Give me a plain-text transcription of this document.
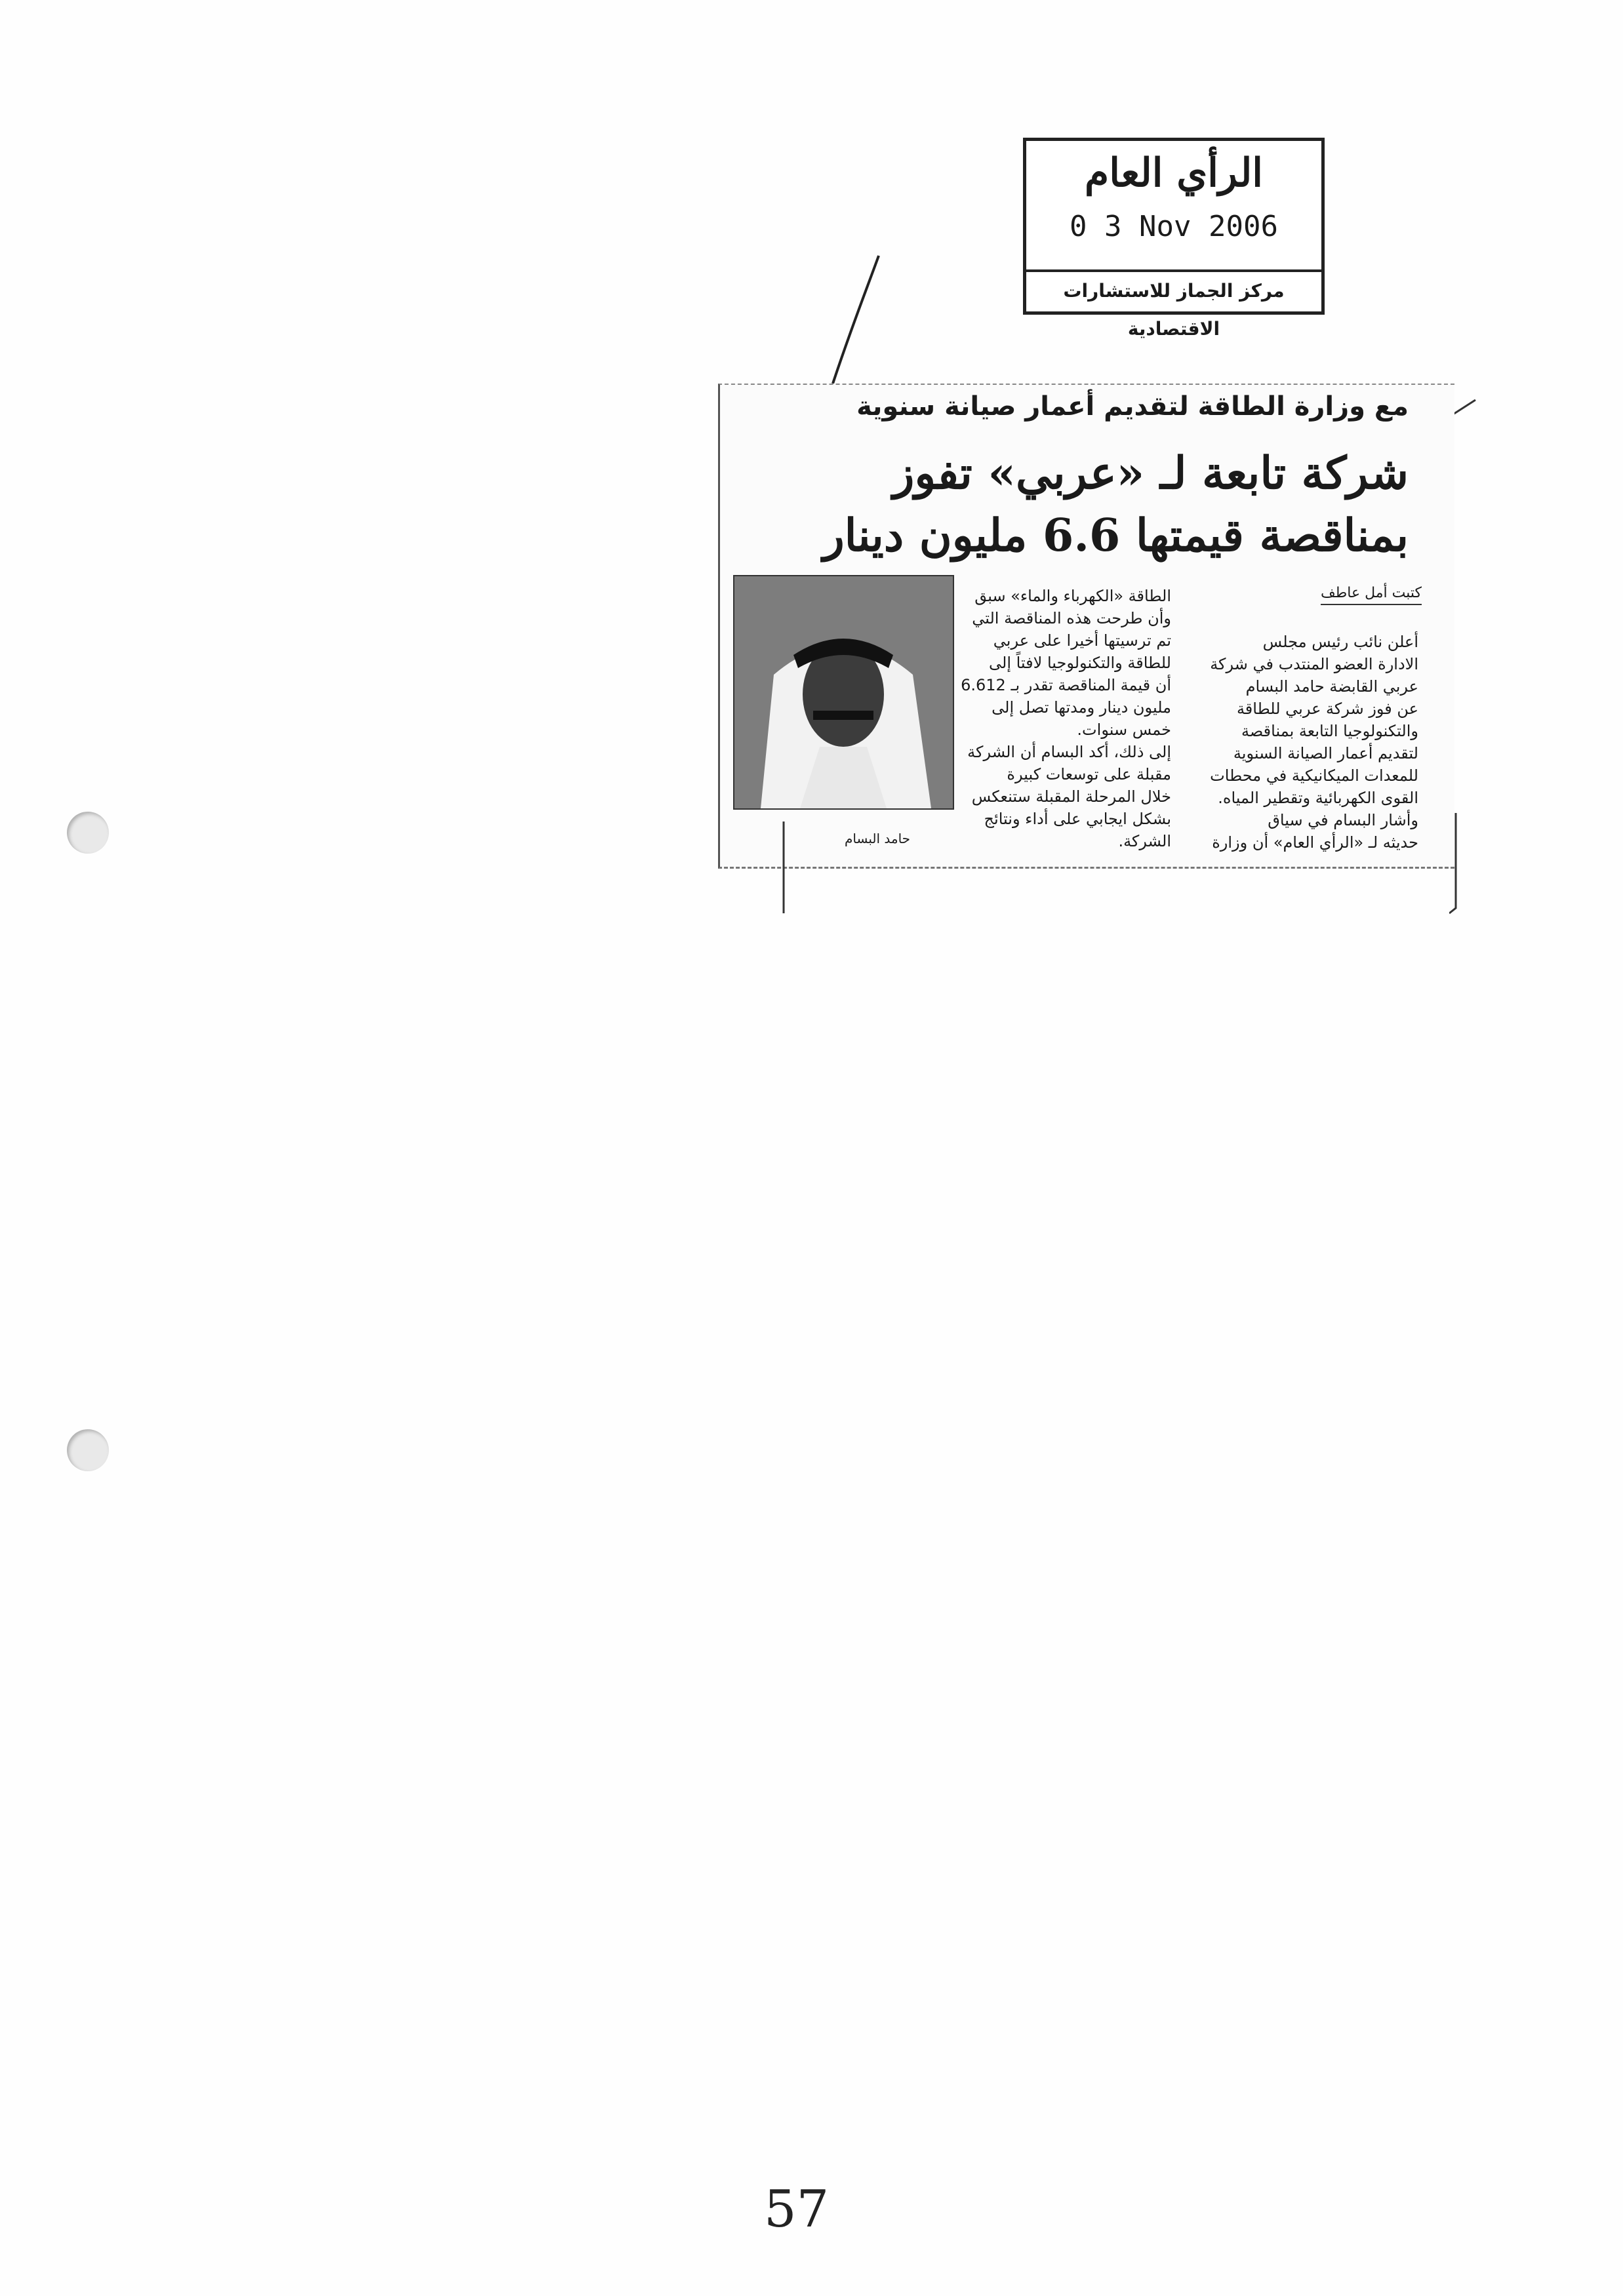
الرأي العام
0 3 Nov 2006
مركز الجماز للاستشارات الاقتصادية
مع وزارة الطاقة لتقديم أعمار صيانة سنوية
شركة تابعة لـ «عربي» تفوز
بمناقصة قيمتها 6.6 مليون دينار
كتبت أمل عاطف

أعلن نائب رئيس مجلس

الادارة العضو المنتدب في شركة

عربي القابضة حامد البسام

عن فوز شركة عربي للطاقة

والتكنولوجيا التابعة بمناقصة

لتقديم أعمار الصيانة السنوية

للمعدات الميكانيكية في محطات

القوى الكهربائية وتقطير المياه.

وأشار البسام في سياق

حديثه لـ «الرأي العام» أن وزارة

الطاقة «الكهرباء والماء» سبق

وأن طرحت هذه المناقصة التي

تم ترسيتها أخيرا على عربي

للطاقة والتكنولوجيا لافتاً إلى

أن قيمة المناقصة تقدر بـ 6.612

مليون دينار ومدتها تصل إلى

خمس سنوات.

إلى ذلك، أكد البسام أن الشركة

مقبلة على توسعات كبيرة

خلال المرحلة المقبلة ستنعكس

بشكل ايجابي على أداء ونتائج

الشركة.

حامد البسام
57
